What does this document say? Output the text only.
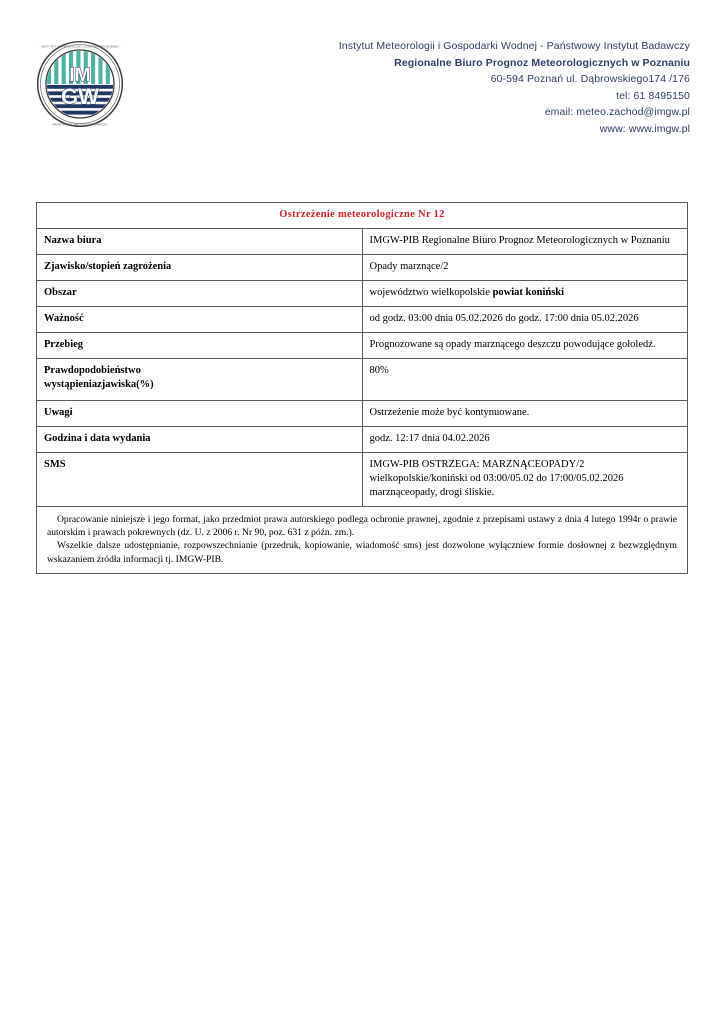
IM
GW
· INSTYTUT METEOROLOGII I GOSPODARKI WODNEJ ·
PAŃSTWOWY INSTYTUT BADAWCZY
Instytut Meteorologii i Gospodarki Wodnej - Państwowy Instytut Badawczy
Regionalne Biuro Prognoz Meteorologicznych w Poznaniu
60-594 Poznań ul. Dąbrowskiego174 /176
tel: 61 8495150
email: meteo.zachod@imgw.pl
www: www.imgw.pl
Ostrzeżenie meteorologiczne Nr 12	
Nazwa biura	IMGW-PIB Regionalne Biuro Prognoz Meteorologicznych w Poznaniu
Zjawisko/stopień zagrożenia	Opady marznące/2
Obszar	województwo wielkopolskie powiat koniński
Ważność	od godz. 03:00 dnia 05.02.2026 do godz. 17:00 dnia 05.02.2026
Przebieg	Prognozowane są opady marznącego deszczu powodujące gołoledź.
Prawdopodobieństwo
wystąpieniazjawiska(%)	80%
Uwagi	Ostrzeżenie może być kontynuowane.
Godzina i data wydania	godz. 12:17 dnia 04.02.2026
SMS	IMGW-PIB OSTRZEGA: MARZNĄCEOPADY/2 wielkopolskie/koniński od 03:00/05.02 do 17:00/05.02.2026 marznąceopady, drogi śliskie.

Opracowanie niniejsze i jego format, jako przedmiot prawa autorskiego podlega ochronie prawnej, zgodnie z przepisami ustawy z dnia 4 lutego 1994r o prawie autorskim i prawach pokrewnych (dz. U. z 2006 r. Nr 90, poz. 631 z późn. zm.).

Wszelkie dalsze udostępnianie, rozpowszechnianie (przedruk, kopiowanie, wiadomość sms) jest dozwolone wyłączniew formie dosłownej z bezwzględnym wskazaniem źródła informacji tj. IMGW-PIB.
